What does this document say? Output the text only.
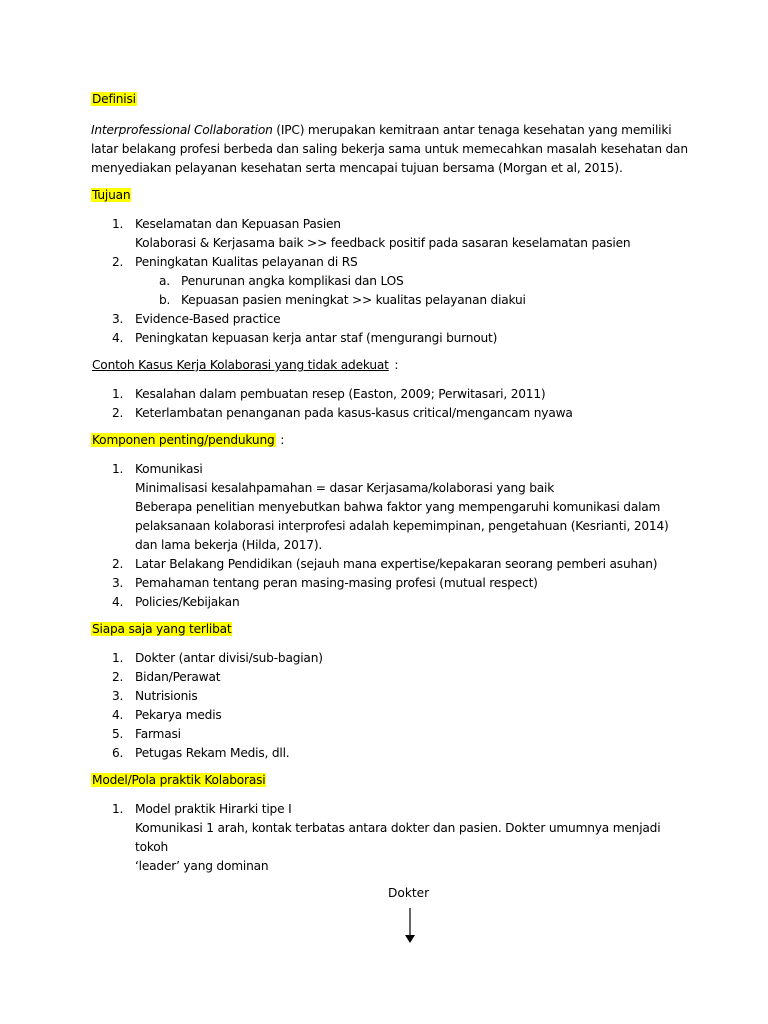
Definisi
Interprofessional Collaboration (IPC) merupakan kemitraan antar tenaga kesehatan yang memiliki latar belakang profesi berbeda dan saling bekerja sama untuk memecahkan masalah kesehatan dan menyediakan pelayanan kesehatan serta mencapai tujuan bersama (Morgan et al, 2015).
Tujuan
1. Keselamatan dan Kepuasan Pasien
Kolaborasi & Kerjasama baik >> feedback positif pada sasaran keselamatan pasien
2. Peningkatan Kualitas pelayanan di RS
a. Penurunan angka komplikasi dan LOS
b. Kepuasan pasien meningkat >> kualitas pelayanan diakui
3. Evidence-Based practice
4. Peningkatan kepuasan kerja antar staf (mengurangi burnout)
Contoh Kasus Kerja Kolaborasi yang tidak adekuat :
1. Kesalahan dalam pembuatan resep (Easton, 2009; Perwitasari, 2011)
2. Keterlambatan penanganan pada kasus-kasus critical/mengancam nyawa
Komponen penting/pendukung :
1. Komunikasi
Minimalisasi kesalahpamahan = dasar Kerjasama/kolaborasi yang baik
Beberapa penelitian menyebutkan bahwa faktor yang mempengaruhi komunikasi dalam
pelaksanaan kolaborasi interprofesi adalah kepemimpinan, pengetahuan (Kesrianti, 2014)
dan lama bekerja (Hilda, 2017).
2. Latar Belakang Pendidikan (sejauh mana expertise/kepakaran seorang pemberi asuhan)
3. Pemahaman tentang peran masing-masing profesi (mutual respect)
4. Policies/Kebijakan
Siapa saja yang terlibat
1. Dokter (antar divisi/sub-bagian)
2. Bidan/Perawat
3. Nutrisionis
4. Pekarya medis
5. Farmasi
6. Petugas Rekam Medis, dll.
Model/Pola praktik Kolaborasi
1. Model praktik Hirarki tipe I
Komunikasi 1 arah, kontak terbatas antara dokter dan pasien. Dokter umumnya menjadi tokoh
‘leader’ yang dominan
Dokter
